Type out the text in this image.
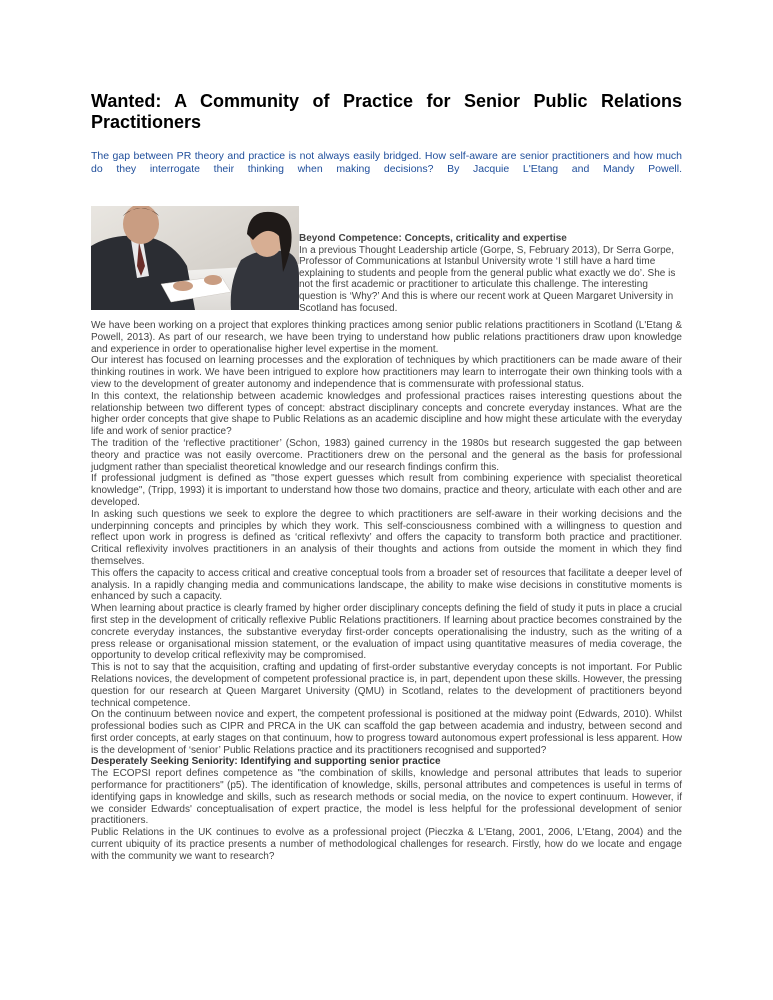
Wanted: A Community of Practice for Senior Public Relations Practitioners

The gap between PR theory and practice is not always easily bridged. How self-aware are senior practitioners and how much do they interrogate their thinking when making decisions? By Jacquie L'Etang and Mandy Powell.

Beyond Competence: Concepts, criticality and expertise
In a previous Thought Leadership article (Gorpe, S, February 2013), Dr Serra Gorpe, Professor of Communications at Istanbul University wrote ‘I still have a hard time explaining to students and people from the general public what exactly we do’. She is not the first academic or practitioner to articulate this challenge. The interesting question is ‘Why?’ And this is where our recent work at Queen Margaret University in Scotland has focused.

We have been working on a project that explores thinking practices among senior public relations practitioners in Scotland (L'Etang & Powell, 2013). As part of our research, we have been trying to understand how public relations practitioners draw upon knowledge and experience in order to operationalise higher level expertise in the moment.

Our interest has focused on learning processes and the exploration of techniques by which practitioners can be made aware of their thinking routines in work. We have been intrigued to explore how practitioners may learn to interrogate their own thinking tools with a view to the development of greater autonomy and independence that is commensurate with professional status.

In this context, the relationship between academic knowledges and professional practices raises interesting questions about the relationship between two different types of concept: abstract disciplinary concepts and concrete everyday instances. What are the higher order concepts that give shape to Public Relations as an academic discipline and how might these articulate with the everyday life and work of senior practice?

The tradition of the ‘reflective practitioner’ (Schon, 1983) gained currency in the 1980s but research suggested the gap between theory and practice was not easily overcome. Practitioners drew on the personal and the general as the basis for professional judgment rather than specialist theoretical knowledge and our research findings confirm this.

If professional judgment is defined as "those expert guesses which result from combining experience with specialist theoretical knowledge", (Tripp, 1993) it is important to understand how those two domains, practice and theory, articulate with each other and are developed.

In asking such questions we seek to explore the degree to which practitioners are self-aware in their working decisions and the underpinning concepts and principles by which they work. This self-consciousness combined with a willingness to question and reflect upon work in progress is defined as ‘critical reflexivty’ and offers the capacity to transform both practice and practitioner. Critical reflexivity involves practitioners in an analysis of their thoughts and actions from outside the moment in which they find themselves.

This offers the capacity to access critical and creative conceptual tools from a broader set of resources that facilitate a deeper level of analysis. In a rapidly changing media and communications landscape, the ability to make wise decisions in constitutive moments is enhanced by such a capacity.

When learning about practice is clearly framed by higher order disciplinary concepts defining the field of study it puts in place a crucial first step in the development of critically reflexive Public Relations practitioners. If learning about practice becomes constrained by the concrete everyday instances, the substantive everyday first-order concepts operationalising the industry, such as the writing of a press release or organisational mission statement, or the evaluation of impact using quantitative measures of media coverage, the opportunity to develop critical reflexivity may be compromised.

This is not to say that the acquisition, crafting and updating of first-order substantive everyday concepts is not important. For Public Relations novices, the development of competent professional practice is, in part, dependent upon these skills. However, the pressing question for our research at Queen Margaret University (QMU) in Scotland, relates to the development of practitioners beyond technical competence.

On the continuum between novice and expert, the competent professional is positioned at the midway point (Edwards, 2010). Whilst professional bodies such as CIPR and PRCA in the UK can scaffold the gap between academia and industry, between second and first order concepts, at early stages on that continuum, how to progress toward autonomous expert professional is less apparent. How is the development of ‘senior’ Public Relations practice and its practitioners recognised and supported?

Desperately Seeking Seniority: Identifying and supporting senior practice

The ECOPSI report defines competence as "the combination of skills, knowledge and personal attributes that leads to superior performance for practitioners" (p5). The identification of knowledge, skills, personal attributes and competences is useful in terms of identifying gaps in knowledge and skills, such as research methods or social media, on the novice to expert continuum. However, if we consider Edwards' conceptualisation of expert practice, the model is less helpful for the professional development of senior practitioners.

Public Relations in the UK continues to evolve as a professional project (Pieczka & L'Etang, 2001, 2006, L'Etang, 2004) and the current ubiquity of its practice presents a number of methodological challenges for research. Firstly, how do we locate and engage with the community we want to research?
